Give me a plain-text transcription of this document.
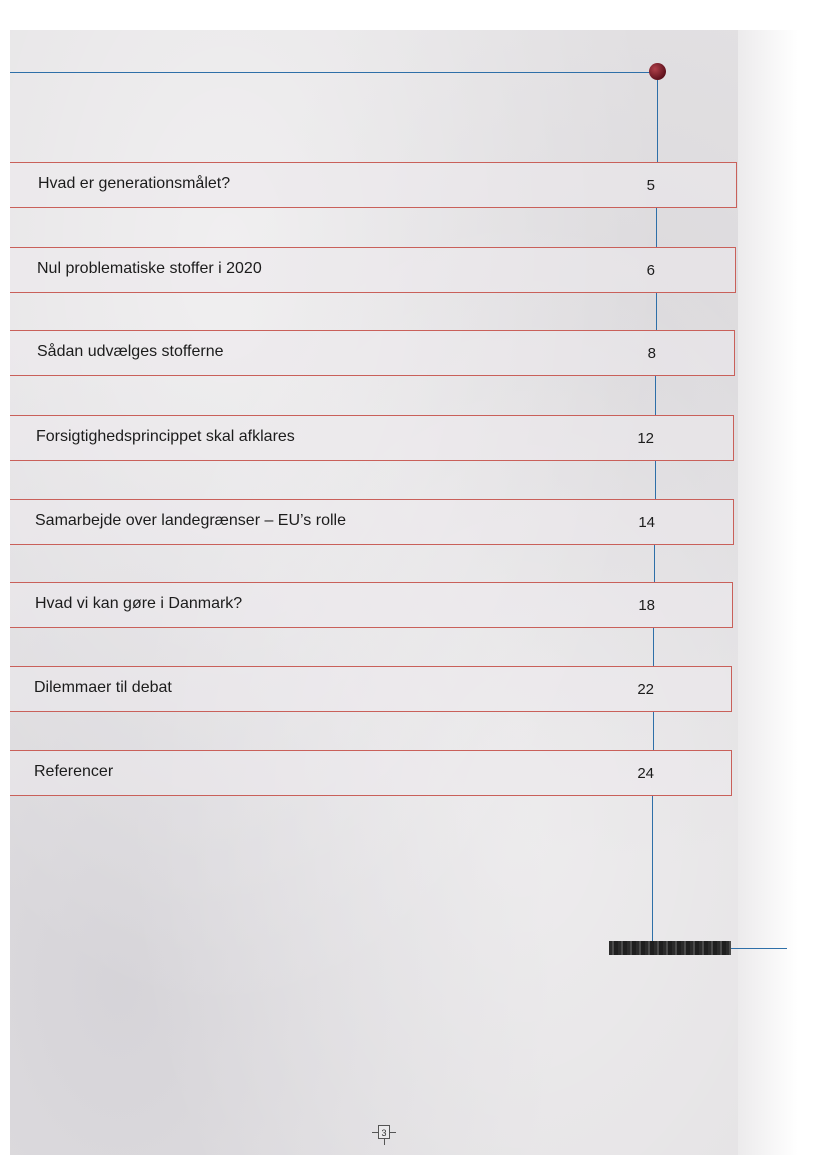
Hvad er generationsmålet?	5
Nul problematiske stoffer i 2020	6
Sådan udvælges stofferne	8
Forsigtighedsprincippet skal afklares	12
Samarbejde over landegrænser – EU’s rolle	14
Hvad vi kan gøre i Danmark?	18
Dilemmaer til debat	22
Referencer	24
3
